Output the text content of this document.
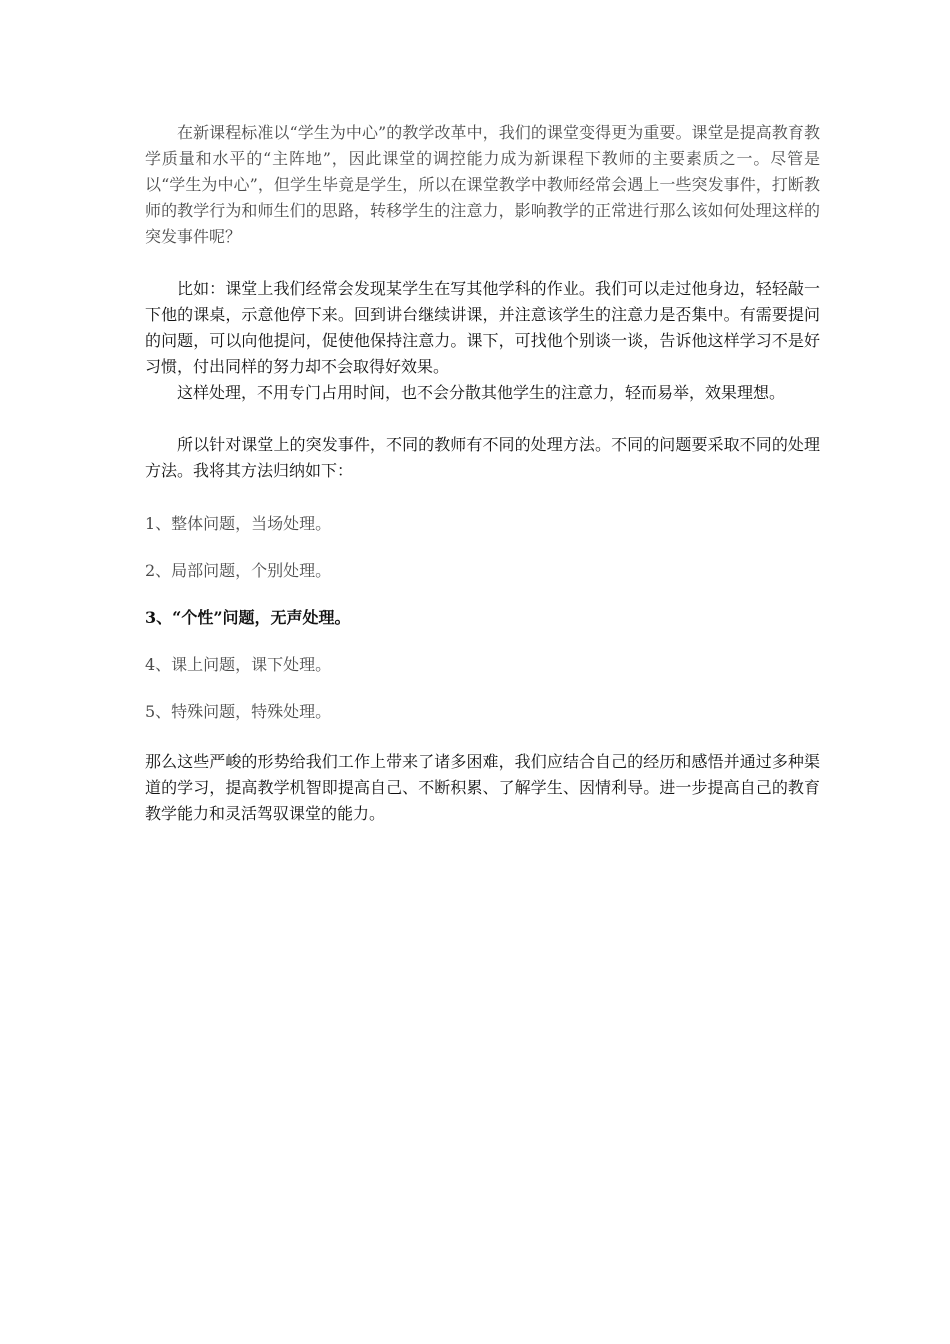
在新课程标准以“学生为中心”的教学改革中，我们的课堂变得更为重要。课堂是提高教育教学质量和水平的“主阵地”，因此课堂的调控能力成为新课程下教师的主要素质之一。尽管是以“学生为中心”，但学生毕竟是学生，所以在课堂教学中教师经常会遇上一些突发事件，打断教师的教学行为和师生们的思路，转移学生的注意力，影响教学的正常进行那么该如何处理这样的突发事件呢？

比如：课堂上我们经常会发现某学生在写其他学科的作业。我们可以走过他身边，轻轻敲一下他的课桌，示意他停下来。回到讲台继续讲课，并注意该学生的注意力是否集中。有需要提问的问题，可以向他提问，促使他保持注意力。课下，可找他个别谈一谈，告诉他这样学习不是好习惯，付出同样的努力却不会取得好效果。

这样处理，不用专门占用时间，也不会分散其他学生的注意力，轻而易举，效果理想。

所以针对课堂上的突发事件，不同的教师有不同的处理方法。不同的问题要采取不同的处理方法。我将其方法归纳如下：

1、整体问题，当场处理。

2、局部问题，个别处理。

3、“个性”问题，无声处理。

4、课上问题，课下处理。

5、特殊问题，特殊处理。

那么这些严峻的形势给我们工作上带来了诸多困难，我们应结合自己的经历和感悟并通过多种渠道的学习，提高教学机智即提高自己、不断积累、了解学生、因情利导。进一步提高自己的教育教学能力和灵活驾驭课堂的能力。
